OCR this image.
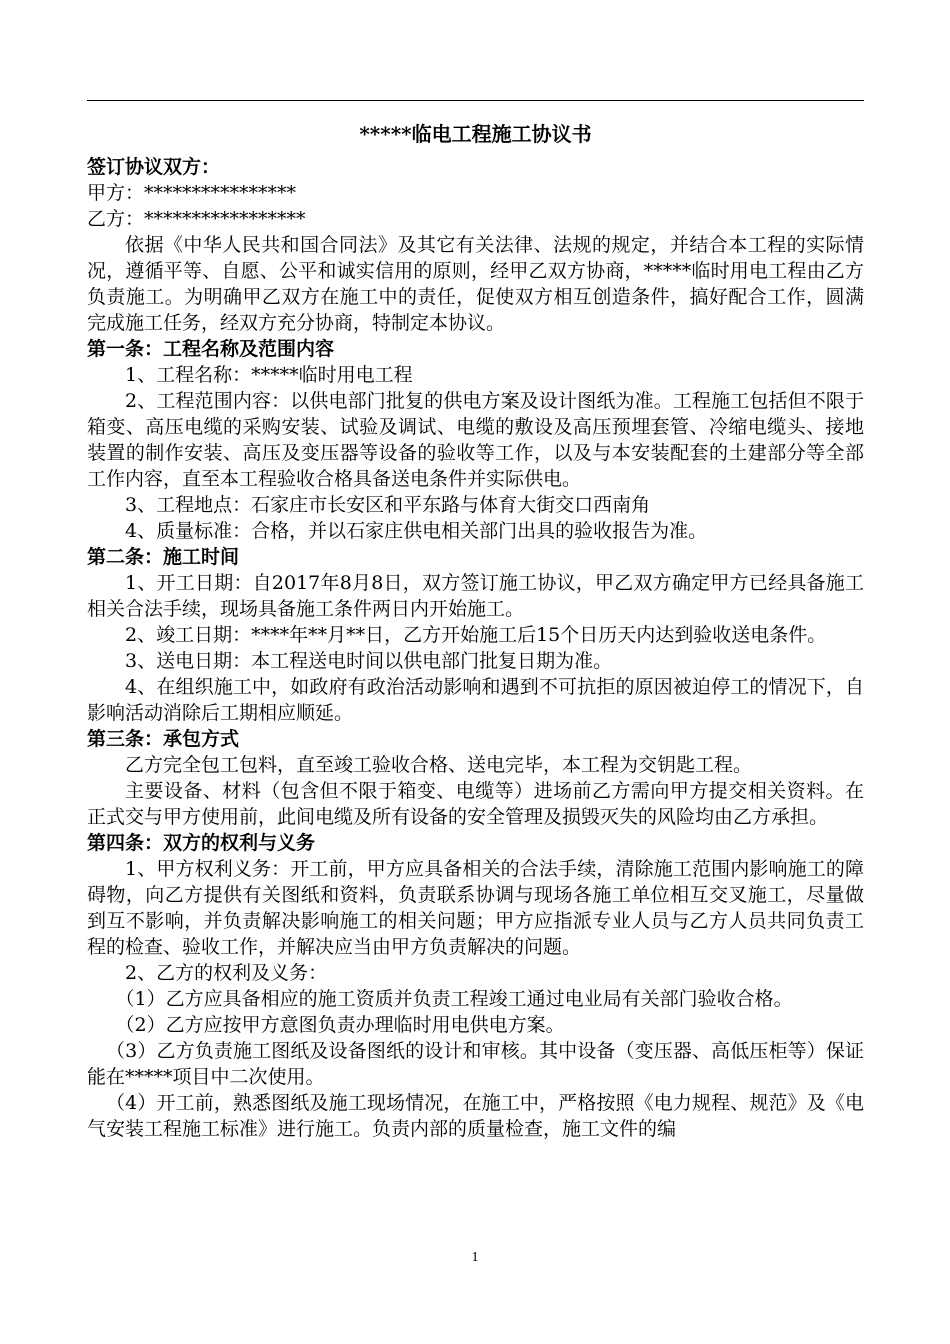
*****临电工程施工协议书
签订协议双方：

甲方：****************

乙方：*****************

依据《中华人民共和国合同法》及其它有关法律、法规的规定，并结合本工程的实际情况，遵循平等、自愿、公平和诚实信用的原则，经甲乙双方协商，*****临时用电工程由乙方负责施工。为明确甲乙双方在施工中的责任，促使双方相互创造条件，搞好配合工作，圆满完成施工任务，经双方充分协商，特制定本协议。

第一条：工程名称及范围内容

1、工程名称：*****临时用电工程

2、工程范围内容：以供电部门批复的供电方案及设计图纸为准。工程施工包括但不限于箱变、高压电缆的采购安装、试验及调试、电缆的敷设及高压预埋套管、冷缩电缆头、接地装置的制作安装、高压及变压器等设备的验收等工作，以及与本安装配套的土建部分等全部工作内容，直至本工程验收合格具备送电条件并实际供电。

3、工程地点：石家庄市长安区和平东路与体育大街交口西南角

4、质量标准：合格，并以石家庄供电相关部门出具的验收报告为准。

第二条：施工时间

1、开工日期：自2017年8月8日，双方签订施工协议，甲乙双方确定甲方已经具备施工相关合法手续，现场具备施工条件两日内开始施工。

2、竣工日期：****年**月**日，乙方开始施工后15个日历天内达到验收送电条件。

3、送电日期：本工程送电时间以供电部门批复日期为准。

4、在组织施工中，如政府有政治活动影响和遇到不可抗拒的原因被迫停工的情况下，自影响活动消除后工期相应顺延。

第三条：承包方式

乙方完全包工包料，直至竣工验收合格、送电完毕，本工程为交钥匙工程。

主要设备、材料（包含但不限于箱变、电缆等）进场前乙方需向甲方提交相关资料。在正式交与甲方使用前，此间电缆及所有设备的安全管理及损毁灭失的风险均由乙方承担。

第四条：双方的权利与义务

1、甲方权利义务：开工前，甲方应具备相关的合法手续，清除施工范围内影响施工的障碍物，向乙方提供有关图纸和资料，负责联系协调与现场各施工单位相互交叉施工，尽量做到互不影响，并负责解决影响施工的相关问题；甲方应指派专业人员与乙方人员共同负责工程的检查、验收工作，并解决应当由甲方负责解决的问题。

2、乙方的权利及义务：

（1）乙方应具备相应的施工资质并负责工程竣工通过电业局有关部门验收合格。

（2）乙方应按甲方意图负责办理临时用电供电方案。

（3）乙方负责施工图纸及设备图纸的设计和审核。其中设备（变压器、高低压柜等）保证能在*****项目中二次使用。

（4）开工前，熟悉图纸及施工现场情况，在施工中，严格按照《电力规程、规范》及《电气安装工程施工标准》进行施工。负责内部的质量检查，施工文件的编

1
